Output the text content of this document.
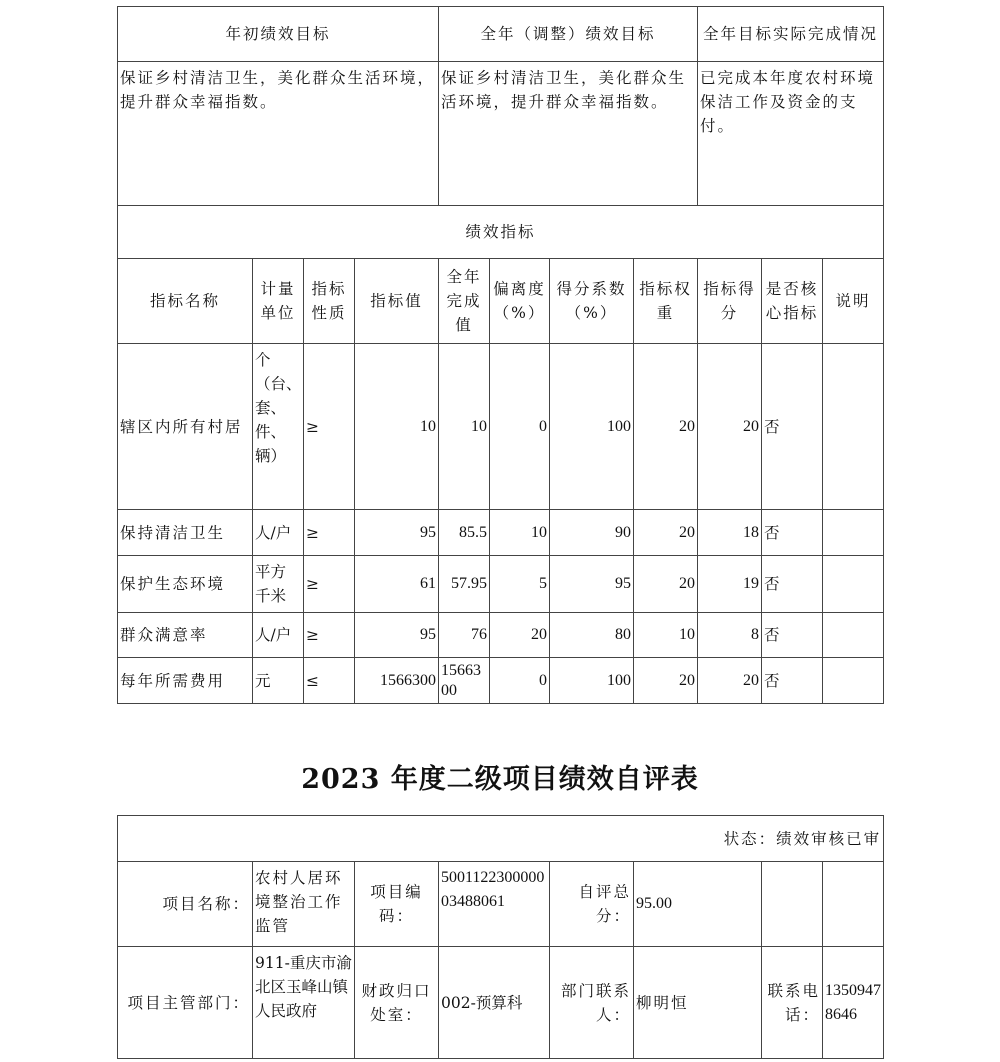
年初绩效目标				全年（调整）绩效目标				全年目标实际完成情况		
保证乡村清洁卫生，美化群众生活环境，提升群众幸福指数。				保证乡村清洁卫生，美化群众生活环境，提升群众幸福指数。				已完成本年度农村环境保洁工作及资金的支付。		
绩效指标										
指标名称	计量单位	指标性质	指标值	全年完成值	偏离度（%）	得分系数（%）	指标权重	指标得分	是否核心指标	说明
辖区内所有村居	个（台、套、件、辆）	≥	10	10	0	100	20	20	否	
保持清洁卫生	人/户	≥	95	85.5	10	90	20	18	否	
保护生态环境	平方千米	≥	61	57.95	5	95	20	19	否	
群众满意率	人/户	≥	95	76	20	80	10	8	否	
每年所需费用	元	≤	1566300	1566300	0	100	20	20	否	
2023 年度二级项目绩效自评表
状态：绩效审核已审							
项目名称：	农村人居环境整治工作监管	项目编码：	500112230000003488061	自评总分：	95.00		
项目主管部门：	911-重庆市渝北区玉峰山镇人民政府	财政归口处室：	002-预算科	部门联系人：	柳明恒	联系电话：	13509478646
